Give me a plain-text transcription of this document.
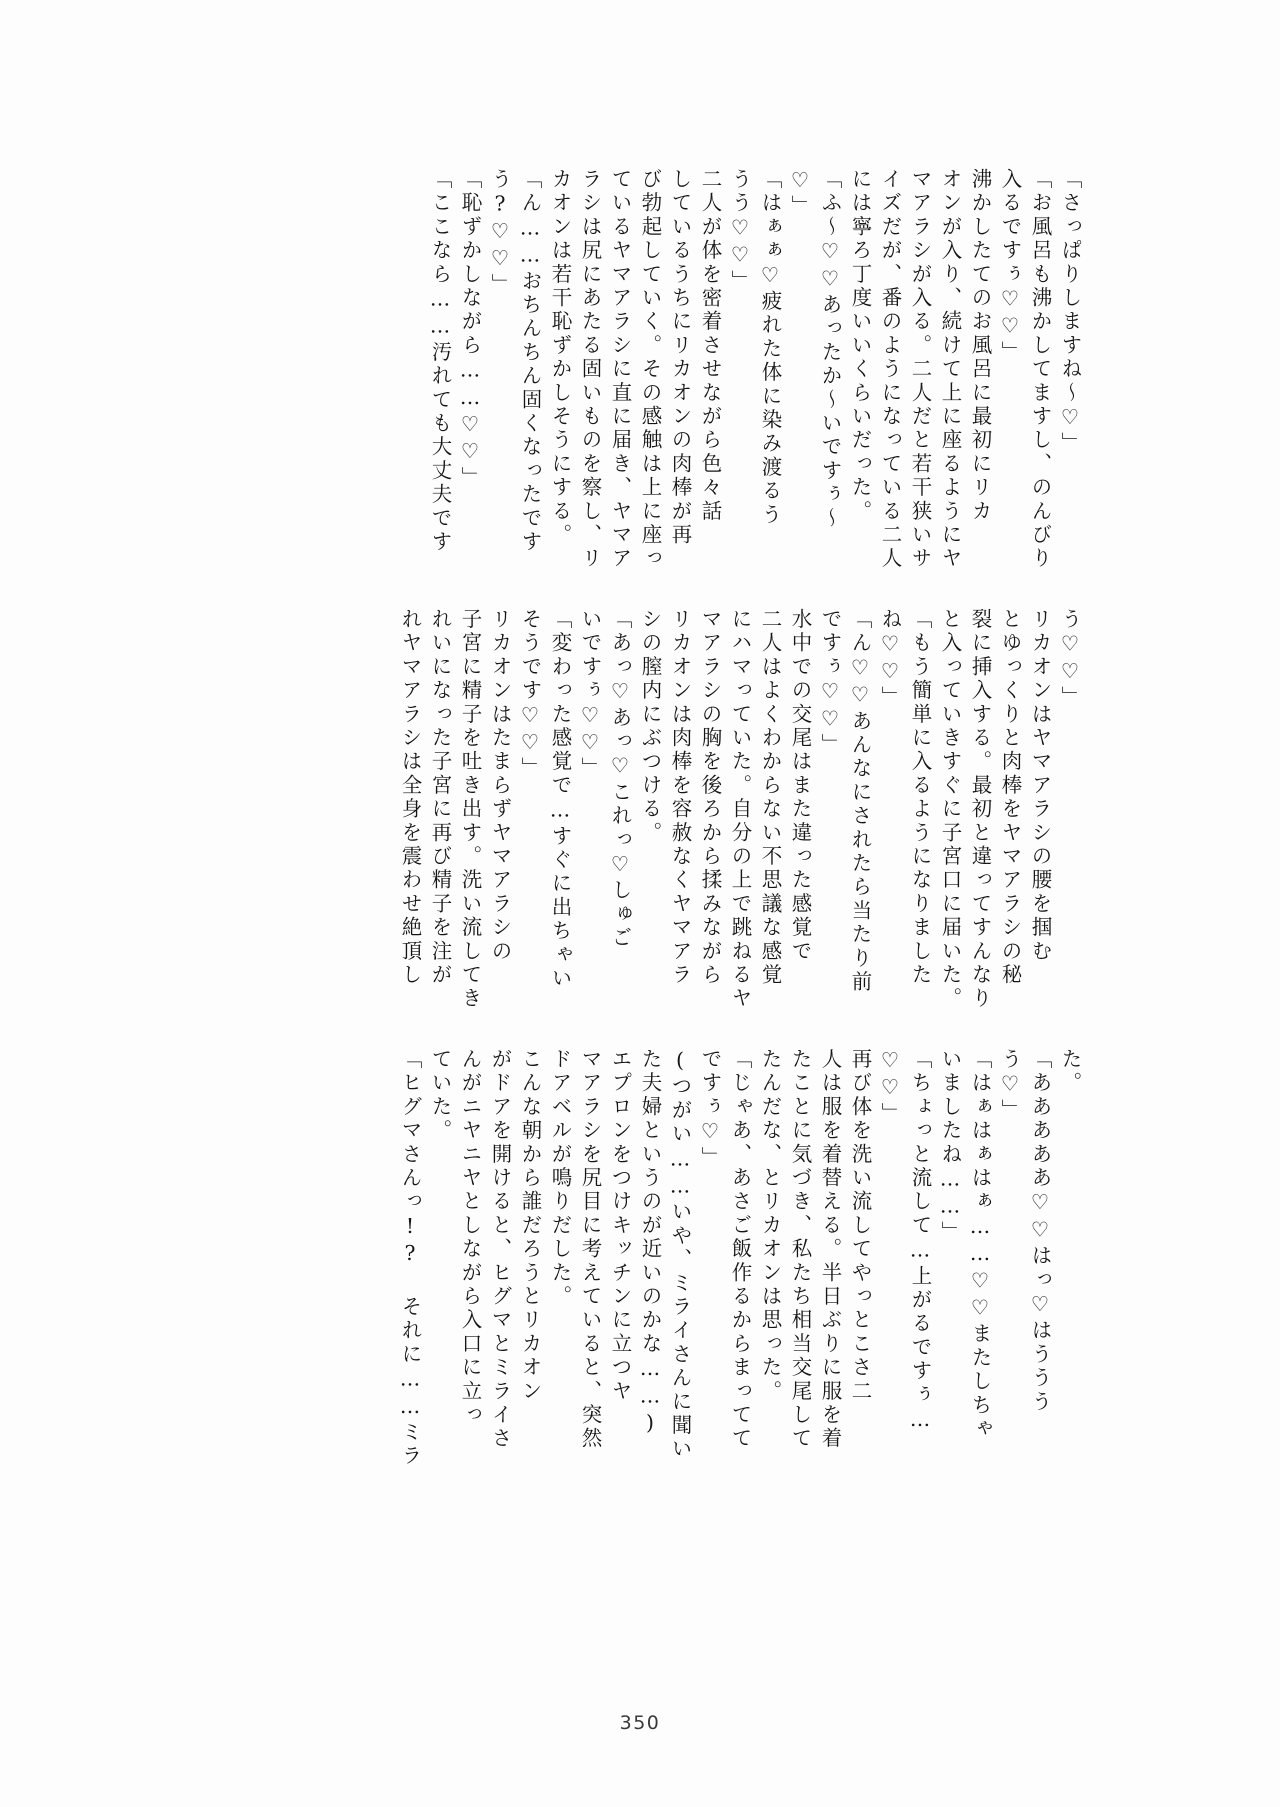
「さっぱりしますね〜♡」
「お風呂も沸かしてますし、のんびり
入るですぅ♡♡」
沸かしたてのお風呂に最初にリカ
オンが入り、続けて上に座るようにヤ
マアラシが入る。二人だと若干狭いサ
イズだが、番のようになっている二人
には寧ろ丁度いいくらいだった。
「ふ〜♡♡あったか〜いですぅ〜
♡」
「はぁぁ♡疲れた体に染み渡るう
うう♡♡」
二人が体を密着させながら色々話
しているうちにリカオンの肉棒が再
び勃起していく。その感触は上に座っ
ているヤマアラシに直に届き、ヤマア
ラシは尻にあたる固いものを察し、リ
カオンは若干恥ずかしそうにする。
「ん……おちんちん固くなったです
う?♡♡」
「恥ずかしながら……♡♡」
「ここなら……汚れても大丈夫です
う♡♡」
リカオンはヤマアラシの腰を掴む
とゆっくりと肉棒をヤマアラシの秘
裂に挿入する。最初と違ってすんなり
と入っていきすぐに子宮口に届いた。
「もう簡単に入るようになりました
ね♡♡」
「ん♡♡あんなにされたら当たり前
ですぅ♡♡」
水中での交尾はまた違った感覚で
二人はよくわからない不思議な感覚
にハマっていた。自分の上で跳ねるヤ
マアラシの胸を後ろから揉みながら
リカオンは肉棒を容赦なくヤマアラ
シの膣内にぶつける。
「あっ♡あっ♡これっ♡しゅご
いですぅ♡♡」
「変わった感覚で…すぐに出ちゃい
そうです♡♡」
リカオンはたまらずヤマアラシの
子宮に精子を吐き出す。洗い流してき
れいになった子宮に再び精子を注が
れヤマアラシは全身を震わせ絶頂し
た。
「あああああ♡♡はっ♡はううう
う♡」
「はぁはぁはぁ……♡♡またしちゃ
いましたね……」
「ちょっと流して…上がるですぅ…
♡♡」
再び体を洗い流してやっとこさ二
人は服を着替える。半日ぶりに服を着
たことに気づき、私たち相当交尾して
たんだな、とリカオンは思った。
「じゃあ、あさご飯作るからまってて
ですぅ♡」
(つがい……いや、ミライさんに聞い
た夫婦というのが近いのかな……)
エプロンをつけキッチンに立つヤ
マアラシを尻目に考えていると、突然
ドアベルが鳴りだした。
こんな朝から誰だろうとリカオン
がドアを開けると、ヒグマとミライさ
んがニヤニヤとしながら入口に立っ
ていた。
「ヒグマさんっ!? それに……ミラ
350
